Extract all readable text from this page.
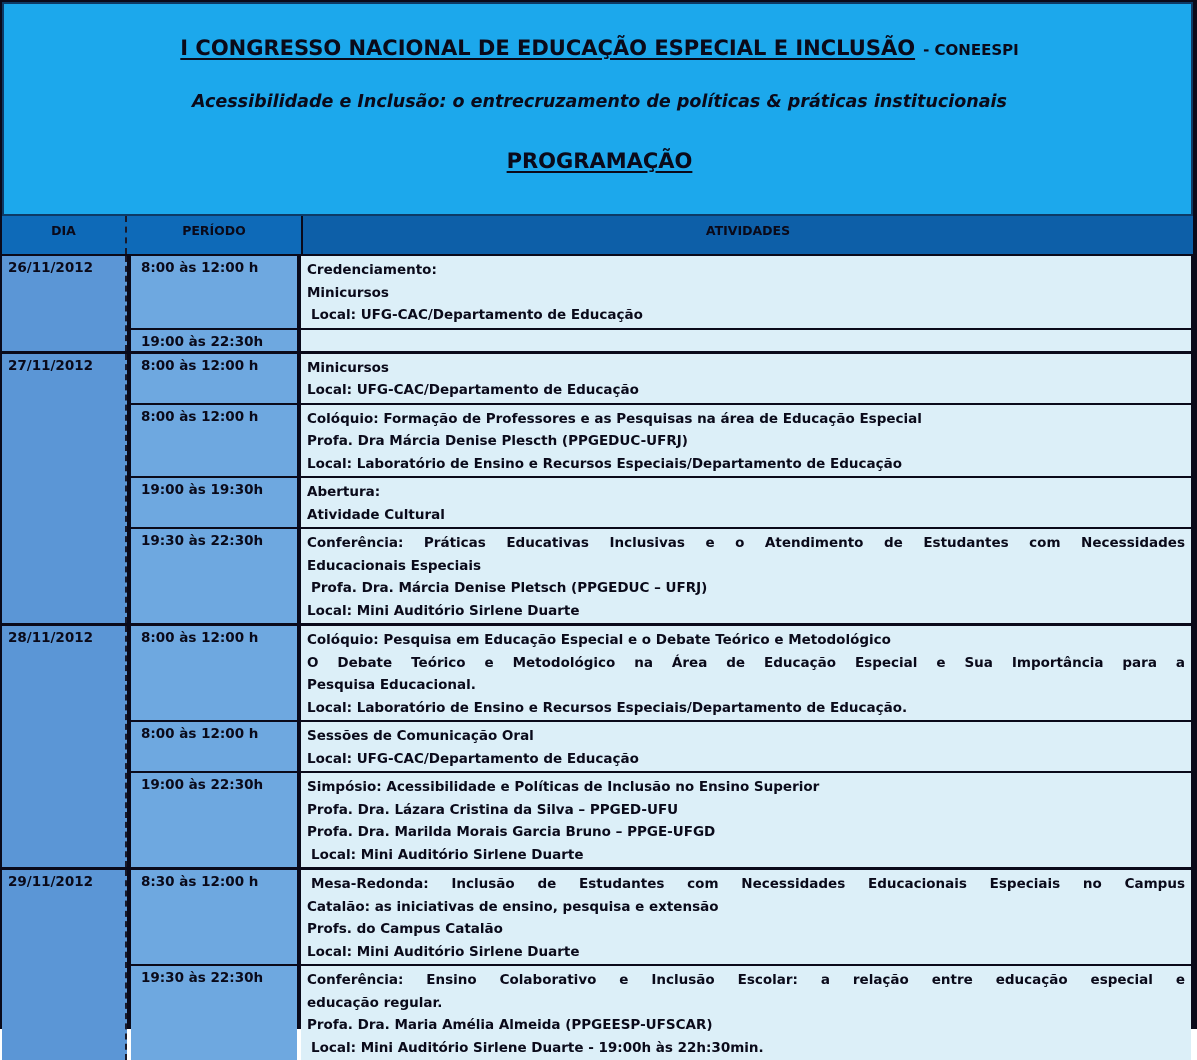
I CONGRESSO NACIONAL DE EDUCAÇÃO ESPECIAL E INCLUSÃO - CONEESPI
Acessibilidade e Inclusão: o entrecruzamento de políticas & práticas institucionais
PROGRAMAÇÃO
DIA	PERÍODO	ATIVIDADES
26/11/2012	8:00 às 12:00 h	Credenciamento:
Minicursos
Local: UFG-CAC/Departamento de Educação
19:00 às 22:30h
27/11/2012	8:00 às 12:00 h	Minicursos
Local: UFG-CAC/Departamento de Educação
8:00 às 12:00 h	Colóquio: Formação de Professores e as Pesquisas na área de Educação Especial
Profa. Dra Márcia Denise Plescth (PPGEDUC-UFRJ)
Local: Laboratório de Ensino e Recursos Especiais/Departamento de Educação
19:00 às 19:30h	Abertura:
Atividade Cultural
19:30 às 22:30h	Conferência: Práticas Educativas Inclusivas e o Atendimento de Estudantes com Necessidades
Educacionais Especiais
Profa. Dra. Márcia Denise Pletsch (PPGEDUC – UFRJ)
Local: Mini Auditório Sirlene Duarte
28/11/2012	8:00 às 12:00 h	Colóquio: Pesquisa em Educação Especial e o Debate Teórico e Metodológico
O Debate Teórico e Metodológico na Área de Educação Especial e Sua Importância para a
Pesquisa Educacional.
Local: Laboratório de Ensino e Recursos Especiais/Departamento de Educação.
8:00 às 12:00 h	Sessões de Comunicação Oral
Local: UFG-CAC/Departamento de Educação
19:00 às 22:30h	Simpósio: Acessibilidade e Políticas de Inclusão no Ensino Superior
Profa. Dra. Lázara Cristina da Silva – PPGED-UFU
Profa. Dra. Marilda Morais Garcia Bruno – PPGE-UFGD
Local: Mini Auditório Sirlene Duarte
29/11/2012	8:30 às 12:00 h	Mesa-Redonda: Inclusão de Estudantes com Necessidades Educacionais Especiais no Campus
Catalão: as iniciativas de ensino, pesquisa e extensão
Profs. do Campus Catalão
Local: Mini Auditório Sirlene Duarte
19:30 às 22:30h	Conferência: Ensino Colaborativo e Inclusão Escolar: a relação entre educação especial e
educação regular.
Profa. Dra. Maria Amélia Almeida (PPGEESP-UFSCAR)
Local: Mini Auditório Sirlene Duarte - 19:00h às 22h:30min.
